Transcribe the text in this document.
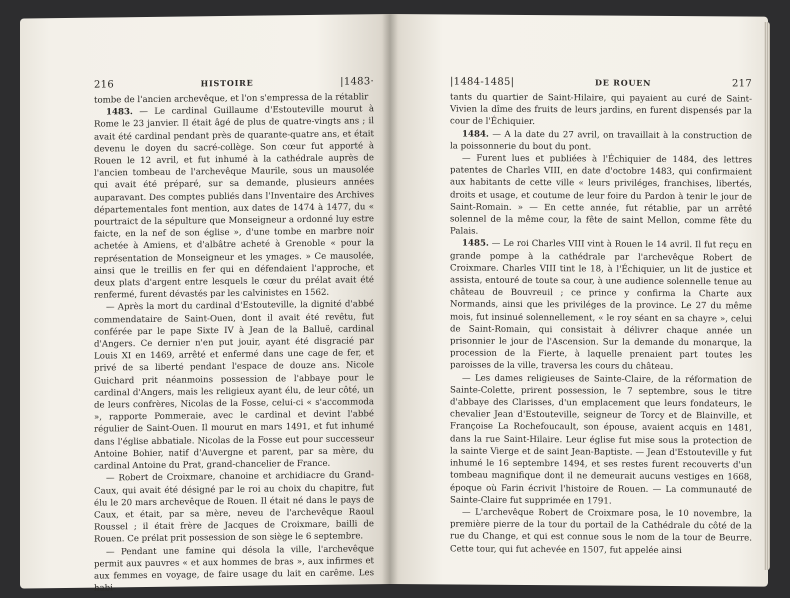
216	HISTOIRE	|1483·

tombe de l'ancien archevêque, et l'on s'empressa de la rétablir

1483. — Le cardinal Guillaume d'Estouteville mourut à Rome le 23 janvier. Il était âgé de plus de quatre-vingts ans ; il avait été cardinal pendant près de quarante-quatre ans, et était devenu le doyen du sacré-collège. Son cœur fut apporté à Rouen le 12 avril, et fut inhumé à la cathédrale auprès de l'ancien tombeau de l'archevêque Maurile, sous un mausolée qui avait été préparé, sur sa demande, plusieurs années auparavant. Des comptes publiés dans l'Inventaire des Archives départementales font mention, aux dates de 1474 à 1477, du « pourtraict de la sépulture que Monseigneur a ordonné luy estre faicte, en la nef de son église », d'une tombe en marbre noir achetée à Amiens, et d'albâtre acheté à Grenoble « pour la représentation de Monseigneur et les ymages. » Ce mausolée, ainsi que le treillis en fer qui en défendaient l'approche, et deux plats d'argent entre lesquels le cœur du prélat avait été renfermé, furent dévastés par les calvinistes en 1562.

— Après la mort du cardinal d'Estouteville, la dignité d'abbé commendataire de Saint-Ouen, dont il avait été revêtu, fut conférée par le pape Sixte IV à Jean de la Balluë, cardinal d'Angers. Ce dernier n'en put jouir, ayant été disgracié par Louis XI en 1469, arrêté et enfermé dans une cage de fer, et privé de sa liberté pendant l'espace de douze ans. Nicole Guichard prit néanmoins possession de l'abbaye pour le cardinal d'Angers, mais les religieux ayant élu, de leur côté, un de leurs confrères, Nicolas de la Fosse, celui-ci « s'accommoda », rapporte Pommeraie, avec le cardinal et devint l'abbé régulier de Saint-Ouen. Il mourut en mars 1491, et fut inhumé dans l'église abbatiale. Nicolas de la Fosse eut pour successeur Antoine Bohier, natif d'Auvergne et parent, par sa mère, du cardinal Antoine du Prat, grand-chancelier de France.

— Robert de Croixmare, chanoine et archidiacre du Grand-Caux, qui avait été désigné par le roi au choix du chapitre, fut élu le 20 mars archevêque de Rouen. Il était né dans le pays de Caux, et était, par sa mère, neveu de l'archevêque Raoul Roussel ; il était frère de Jacques de Croixmare, bailli de Rouen. Ce prélat prit possession de son siège le 6 septembre.

— Pendant une famine qui désola la ville, l'archevêque permit aux pauvres « et aux hommes de bras », aux infirmes et aux femmes en voyage, de faire usage du lait en carême. Les habi-

|1484-1485|	DE ROUEN	217

tants du quartier de Saint-Hilaire, qui payaient au curé de Saint-Vivien la dîme des fruits de leurs jardins, en furent dispensés par la cour de l'Échiquier.

1484. — A la date du 27 avril, on travaillait à la construction de la poissonnerie du bout du pont.

— Furent lues et publiées à l'Échiquier de 1484, des lettres patentes de Charles VIII, en date d'octobre 1483, qui confirmaient aux habitants de cette ville « leurs priviléges, franchises, libertés, droits et usage, et coutume de leur foire du Pardon à tenir le jour de Saint-Romain. » — En cette année, fut rétablie, par un arrêté solennel de la même cour, la fête de saint Mellon, comme fête du Palais.

1485. — Le roi Charles VIII vint à Rouen le 14 avril. Il fut reçu en grande pompe à la cathédrale par l'archevêque Robert de Croixmare. Charles VIII tint le 18, à l'Échiquier, un lit de justice et assista, entouré de toute sa cour, à une audience solennelle tenue au château de Bouvreuil ; ce prince y confirma la Charte aux Normands, ainsi que les priviléges de la province. Le 27 du même mois, fut insinué solennellement, « le roy séant en sa chayre », celui de Saint-Romain, qui consistait à délivrer chaque année un prisonnier le jour de l'Ascension. Sur la demande du monarque, la procession de la Fierte, à laquelle prenaient part toutes les paroisses de la ville, traversa les cours du château.

— Les dames religieuses de Sainte-Claire, de la réformation de Sainte-Colette, prirent possession, le 7 septembre, sous le titre d'abbaye des Clarisses, d'un emplacement que leurs fondateurs, le chevalier Jean d'Estouteville, seigneur de Torcy et de Blainville, et Françoise La Rochefoucault, son épouse, avaient acquis en 1481, dans la rue Saint-Hilaire. Leur église fut mise sous la protection de la sainte Vierge et de saint Jean-Baptiste. — Jean d'Estouteville y fut inhumé le 16 septembre 1494, et ses restes furent recouverts d'un tombeau magnifique dont il ne demeurait aucuns vestiges en 1668, époque où Farin écrivit l'histoire de Rouen. — La communauté de Sainte-Claire fut supprimée en 1791.

— L'archevêque Robert de Croixmare posa, le 10 novembre, la première pierre de la tour du portail de la Cathédrale du côté de la rue du Change, et qui est connue sous le nom de la tour de Beurre. Cette tour, qui fut achevée en 1507, fut appelée ainsi
